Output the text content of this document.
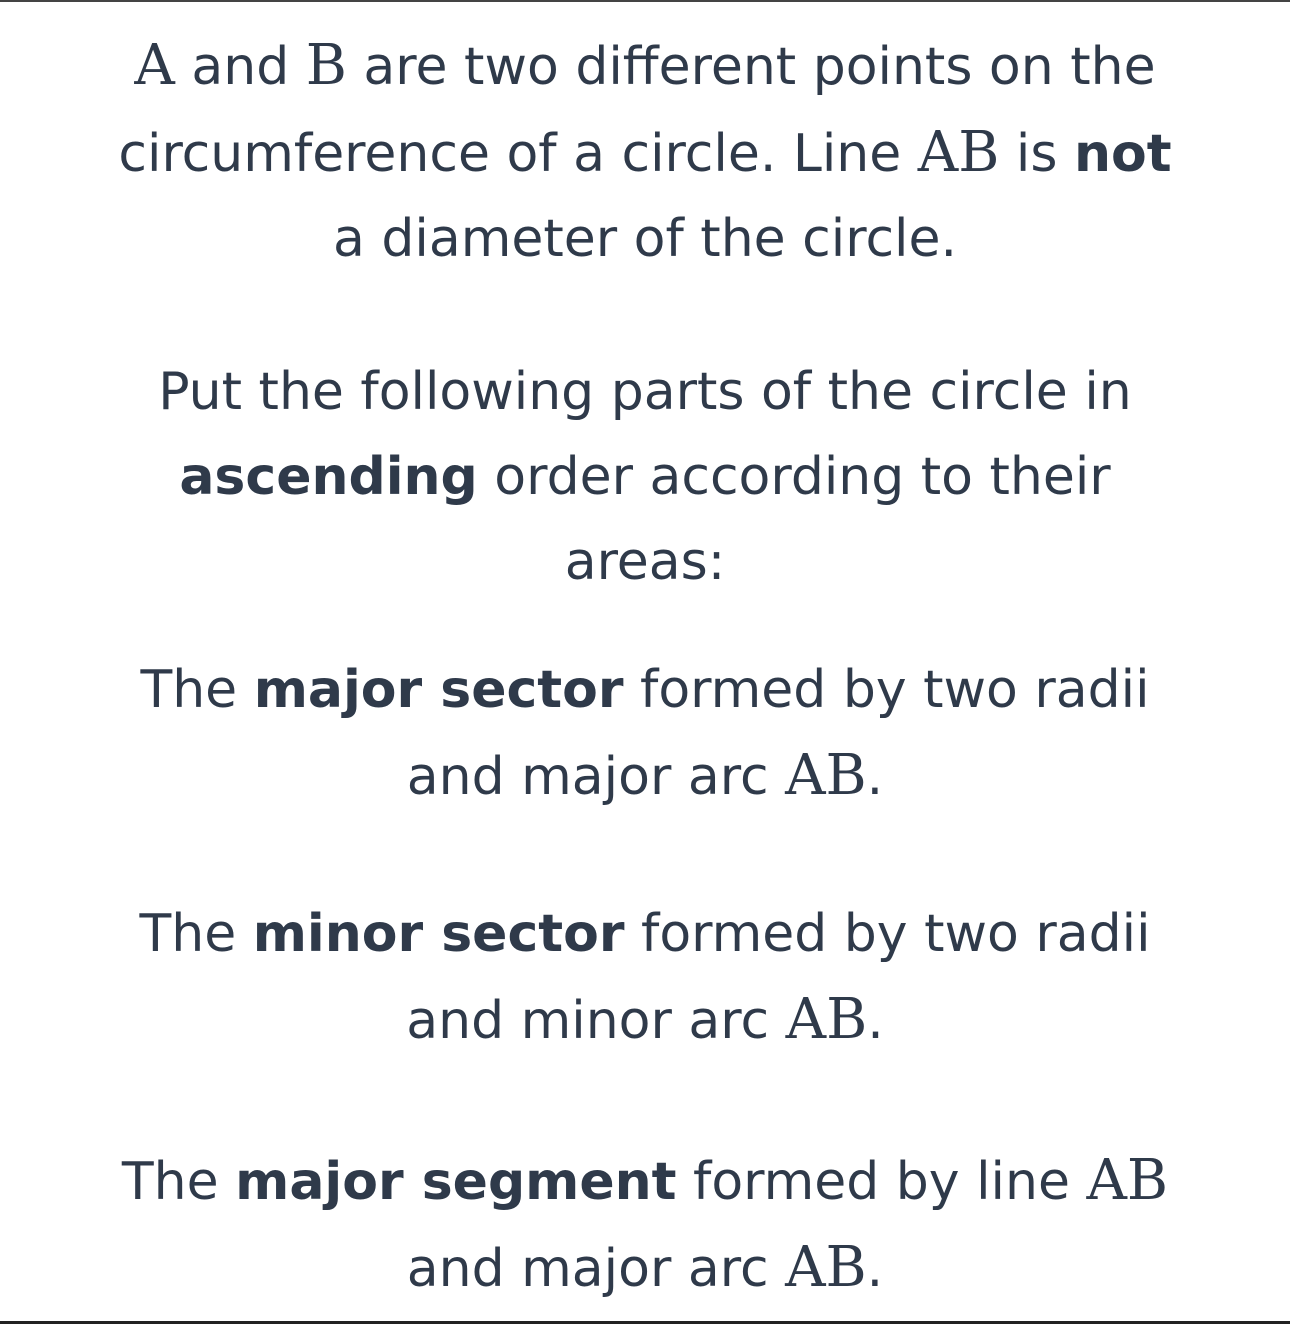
A and B are two different points on the
circumference of a circle. Line AB is not
a diameter of the circle.

Put the following parts of the circle in
ascending order according to their
areas:

The major sector formed by two radii
and major arc AB.

The minor sector formed by two radii
and minor arc AB.

The major segment formed by line AB
and major arc AB.
